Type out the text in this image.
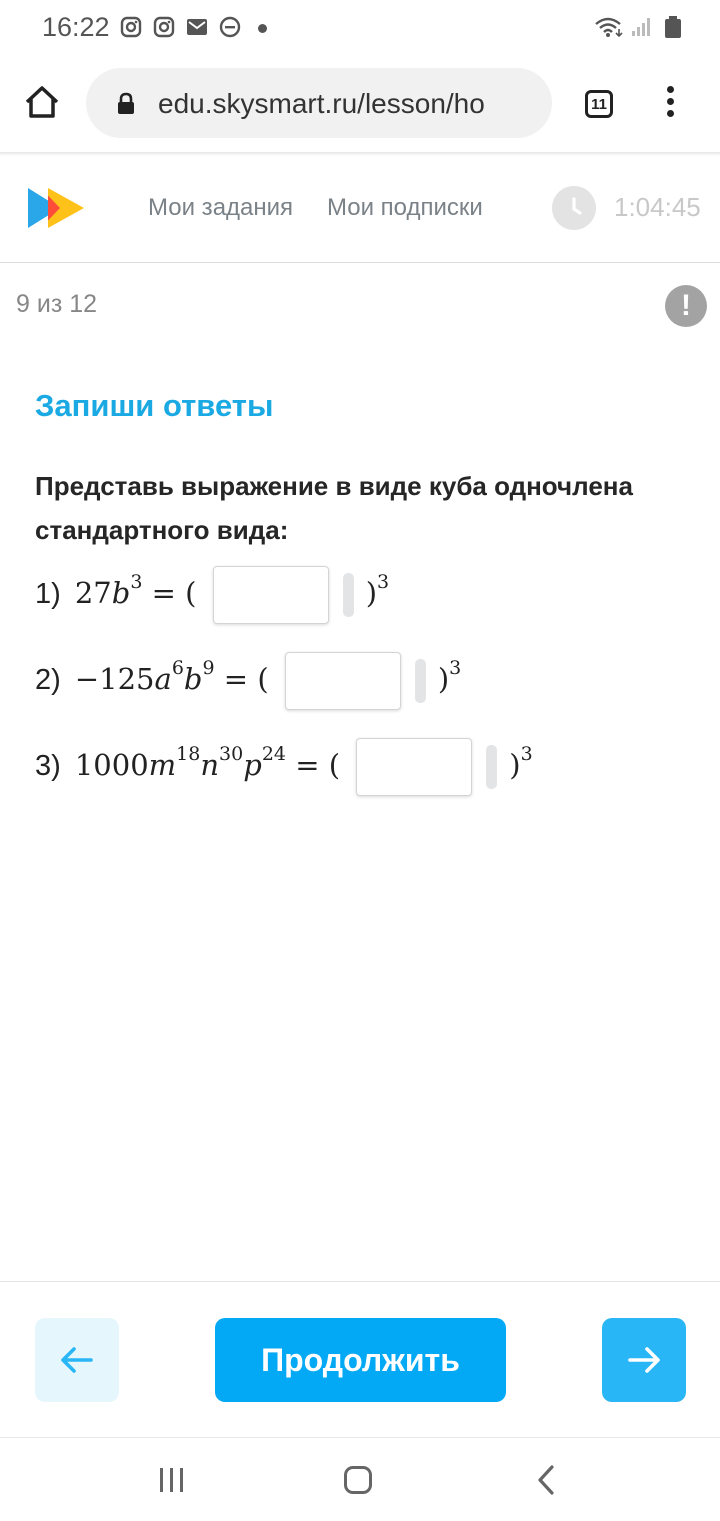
16:22
edu.skysmart.ru/lesson/ho	11
Мои задания Мои подписки	1:04:45
9 из 12	!
Запиши ответы
Представь выражение в виде куба одночлена стандартного вида:
1) $27b^3$ = (	)$^3$
$2) -125a^6b^9$ = (	)$^3$
3) $1000m^{18}n^{30}p^{24}$ = (	)$^3$
Продолжить
